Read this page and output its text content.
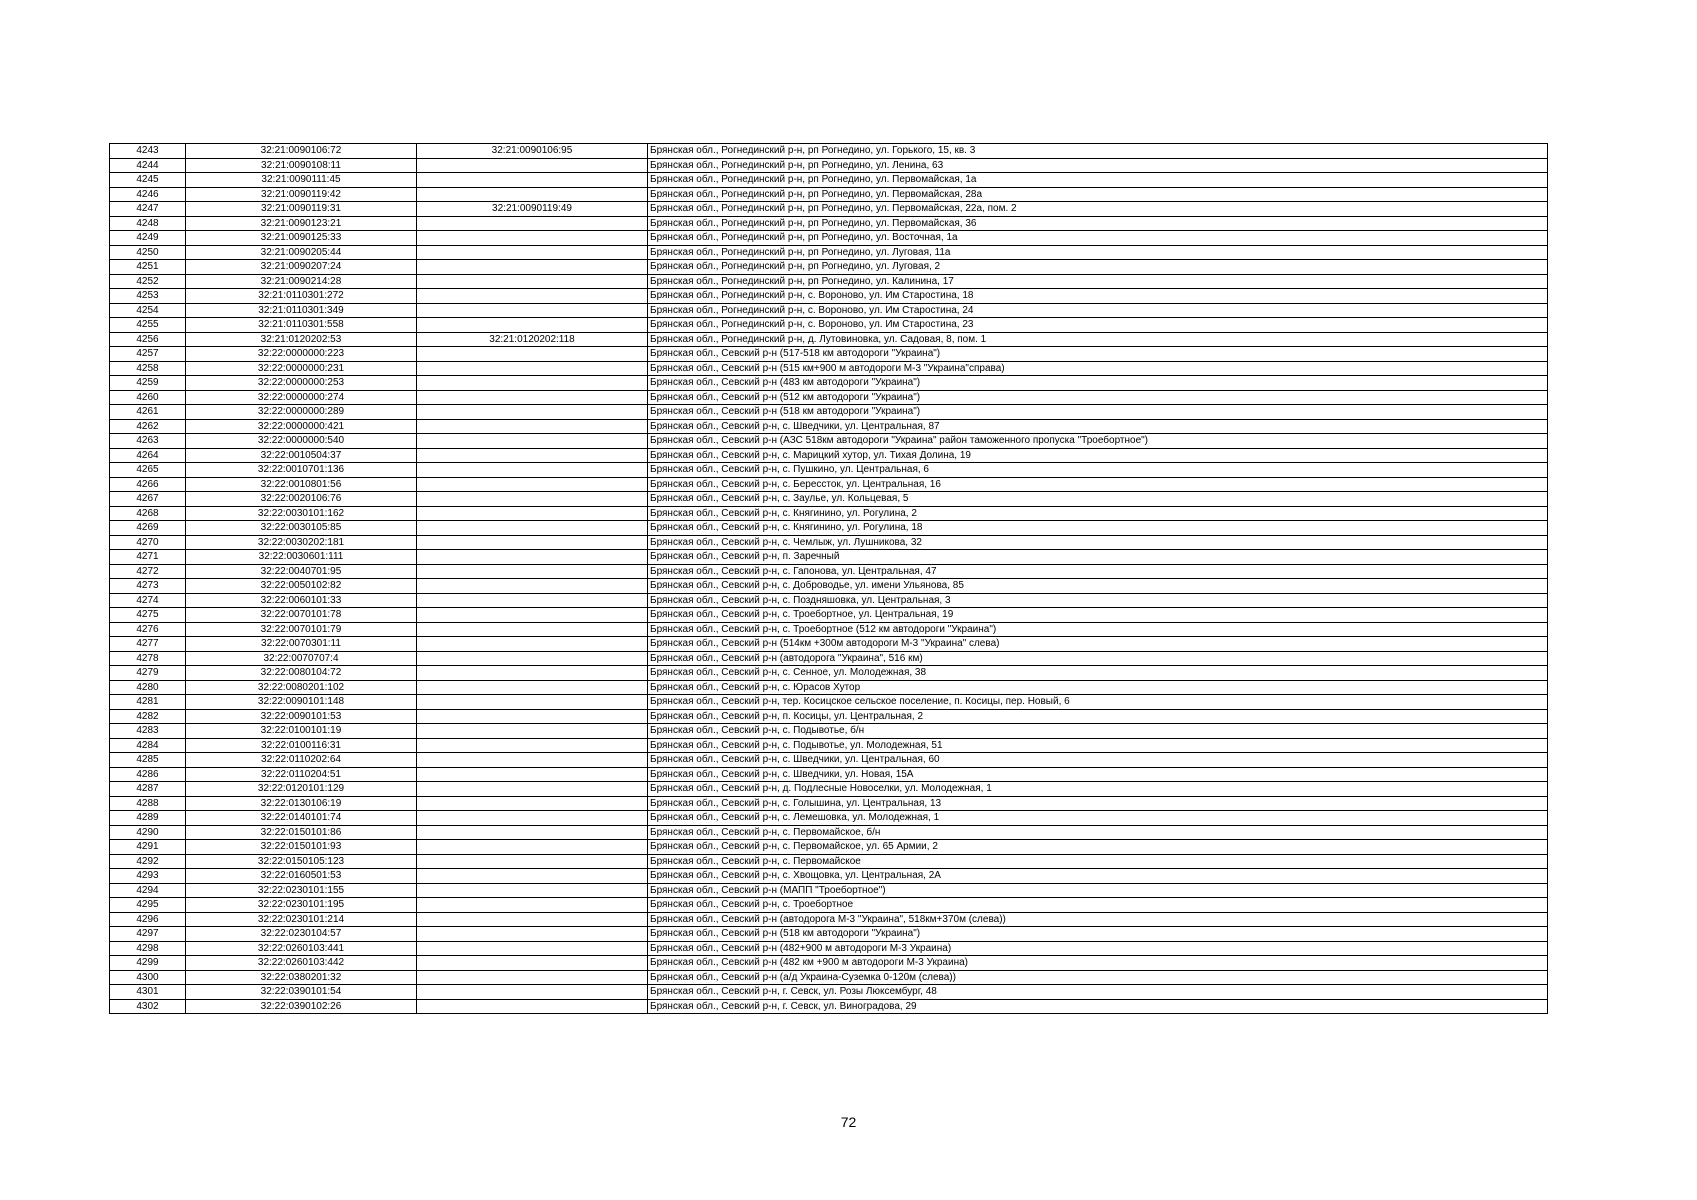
4243	32:21:0090106:72	32:21:0090106:95	Брянская обл., Рогнединский р-н, рп Рогнедино, ул. Горького, 15, кв. 3
4244	32:21:0090108:11		Брянская обл., Рогнединский р-н, рп Рогнедино, ул. Ленина, 63
4245	32:21:0090111:45		Брянская обл., Рогнединский р-н, рп Рогнедино, ул. Первомайская, 1а
4246	32:21:0090119:42		Брянская обл., Рогнединский р-н, рп Рогнедино, ул. Первомайская, 28а
4247	32:21:0090119:31	32:21:0090119:49	Брянская обл., Рогнединский р-н, рп Рогнедино, ул. Первомайская, 22а, пом. 2
4248	32:21:0090123:21		Брянская обл., Рогнединский р-н, рп Рогнедино, ул. Первомайская, 36
4249	32:21:0090125:33		Брянская обл., Рогнединский р-н, рп Рогнедино, ул. Восточная, 1а
4250	32:21:0090205:44		Брянская обл., Рогнединский р-н, рп Рогнедино, ул. Луговая, 11а
4251	32:21:0090207:24		Брянская обл., Рогнединский р-н, рп Рогнедино, ул. Луговая, 2
4252	32:21:0090214:28		Брянская обл., Рогнединский р-н, рп Рогнедино, ул. Калинина, 17
4253	32:21:0110301:272		Брянская обл., Рогнединский р-н, с. Вороново, ул. Им Старостина, 18
4254	32:21:0110301:349		Брянская обл., Рогнединский р-н, с. Вороново, ул. Им Старостина, 24
4255	32:21:0110301:558		Брянская обл., Рогнединский р-н, с. Вороново, ул. Им Старостина, 23
4256	32:21:0120202:53	32:21:0120202:118	Брянская обл., Рогнединский р-н, д. Лутовиновка, ул. Садовая, 8, пом. 1
4257	32:22:0000000:223		Брянская обл., Севский р-н (517-518 км автодороги "Украина")
4258	32:22:0000000:231		Брянская обл., Севский р-н (515 км+900 м автодороги М-3 "Украина"справа)
4259	32:22:0000000:253		Брянская обл., Севский р-н (483 км автодороги "Украина")
4260	32:22:0000000:274		Брянская обл., Севский р-н (512 км автодороги "Украина")
4261	32:22:0000000:289		Брянская обл., Севский р-н (518 км автодороги "Украина")
4262	32:22:0000000:421		Брянская обл., Севский р-н, с. Шведчики, ул. Центральная, 87
4263	32:22:0000000:540		Брянская обл., Севский р-н (АЗС 518км автодороги "Украина" район таможенного пропуска "Троебортное")
4264	32:22:0010504:37		Брянская обл., Севский р-н, с. Марицкий хутор, ул. Тихая Долина, 19
4265	32:22:0010701:136		Брянская обл., Севский р-н, с. Пушкино, ул. Центральная, 6
4266	32:22:0010801:56		Брянская обл., Севский р-н, с. Берессток, ул. Центральная, 16
4267	32:22:0020106:76		Брянская обл., Севский р-н, с. Заулье, ул. Кольцевая, 5
4268	32:22:0030101:162		Брянская обл., Севский р-н, с. Княгинино, ул. Рогулина, 2
4269	32:22:0030105:85		Брянская обл., Севский р-н, с. Княгинино, ул. Рогулина, 18
4270	32:22:0030202:181		Брянская обл., Севский р-н, с. Чемлыж, ул. Лушникова, 32
4271	32:22:0030601:111		Брянская обл., Севский р-н, п. Заречный
4272	32:22:0040701:95		Брянская обл., Севский р-н, с. Гапонова, ул. Центральная, 47
4273	32:22:0050102:82		Брянская обл., Севский р-н, с. Доброводье, ул. имени Ульянова, 85
4274	32:22:0060101:33		Брянская обл., Севский р-н, с. Поздняшовка, ул. Центральная, 3
4275	32:22:0070101:78		Брянская обл., Севский р-н, с. Троебортное, ул. Центральная, 19
4276	32:22:0070101:79		Брянская обл., Севский р-н, с. Троебортное (512 км автодороги "Украина")
4277	32:22:0070301:11		Брянская обл., Севский р-н (514км +300м автодороги М-3 "Украина" слева)
4278	32:22:0070707:4		Брянская обл., Севский р-н (автодорога "Украина", 516 км)
4279	32:22:0080104:72		Брянская обл., Севский р-н, с. Сенное, ул. Молодежная, 38
4280	32:22:0080201:102		Брянская обл., Севский р-н, с. Юрасов Хутор
4281	32:22:0090101:148		Брянская обл., Севский р-н, тер. Косицское сельское поселение, п. Косицы, пер. Новый, 6
4282	32:22:0090101:53		Брянская обл., Севский р-н, п. Косицы, ул. Центральная, 2
4283	32:22:0100101:19		Брянская обл., Севский р-н, с. Подывотье, б/н
4284	32:22:0100116:31		Брянская обл., Севский р-н, с. Подывотье, ул. Молодежная, 51
4285	32:22:0110202:64		Брянская обл., Севский р-н, с. Шведчики, ул. Центральная, 60
4286	32:22:0110204:51		Брянская обл., Севский р-н, с. Шведчики, ул. Новая, 15А
4287	32:22:0120101:129		Брянская обл., Севский р-н, д. Подлесные Новоселки, ул. Молодежная, 1
4288	32:22:0130106:19		Брянская обл., Севский р-н, с. Голышина, ул. Центральная, 13
4289	32:22:0140101:74		Брянская обл., Севский р-н, с. Лемешовка, ул. Молодежная, 1
4290	32:22:0150101:86		Брянская обл., Севский р-н, с. Первомайское, б/н
4291	32:22:0150101:93		Брянская обл., Севский р-н, с. Первомайское, ул. 65 Армии, 2
4292	32:22:0150105:123		Брянская обл., Севский р-н, с. Первомайское
4293	32:22:0160501:53		Брянская обл., Севский р-н, с. Хвощовка, ул. Центральная, 2А
4294	32:22:0230101:155		Брянская обл., Севский р-н (МАПП "Троебортное")
4295	32:22:0230101:195		Брянская обл., Севский р-н, с. Троебортное
4296	32:22:0230101:214		Брянская обл., Севский р-н (автодорога М-3 "Украина", 518км+370м (слева))
4297	32:22:0230104:57		Брянская обл., Севский р-н (518 км автодороги "Украина")
4298	32:22:0260103:441		Брянская обл., Севский р-н (482+900 м автодороги М-3 Украина)
4299	32:22:0260103:442		Брянская обл., Севский р-н (482 км +900 м автодороги М-3 Украина)
4300	32:22:0380201:32		Брянская обл., Севский р-н (а/д Украина-Суземка 0-120м (слева))
4301	32:22:0390101:54		Брянская обл., Севский р-н, г. Севск, ул. Розы Люксембург, 48
4302	32:22:0390102:26		Брянская обл., Севский р-н, г. Севск, ул. Виноградова, 29
72
